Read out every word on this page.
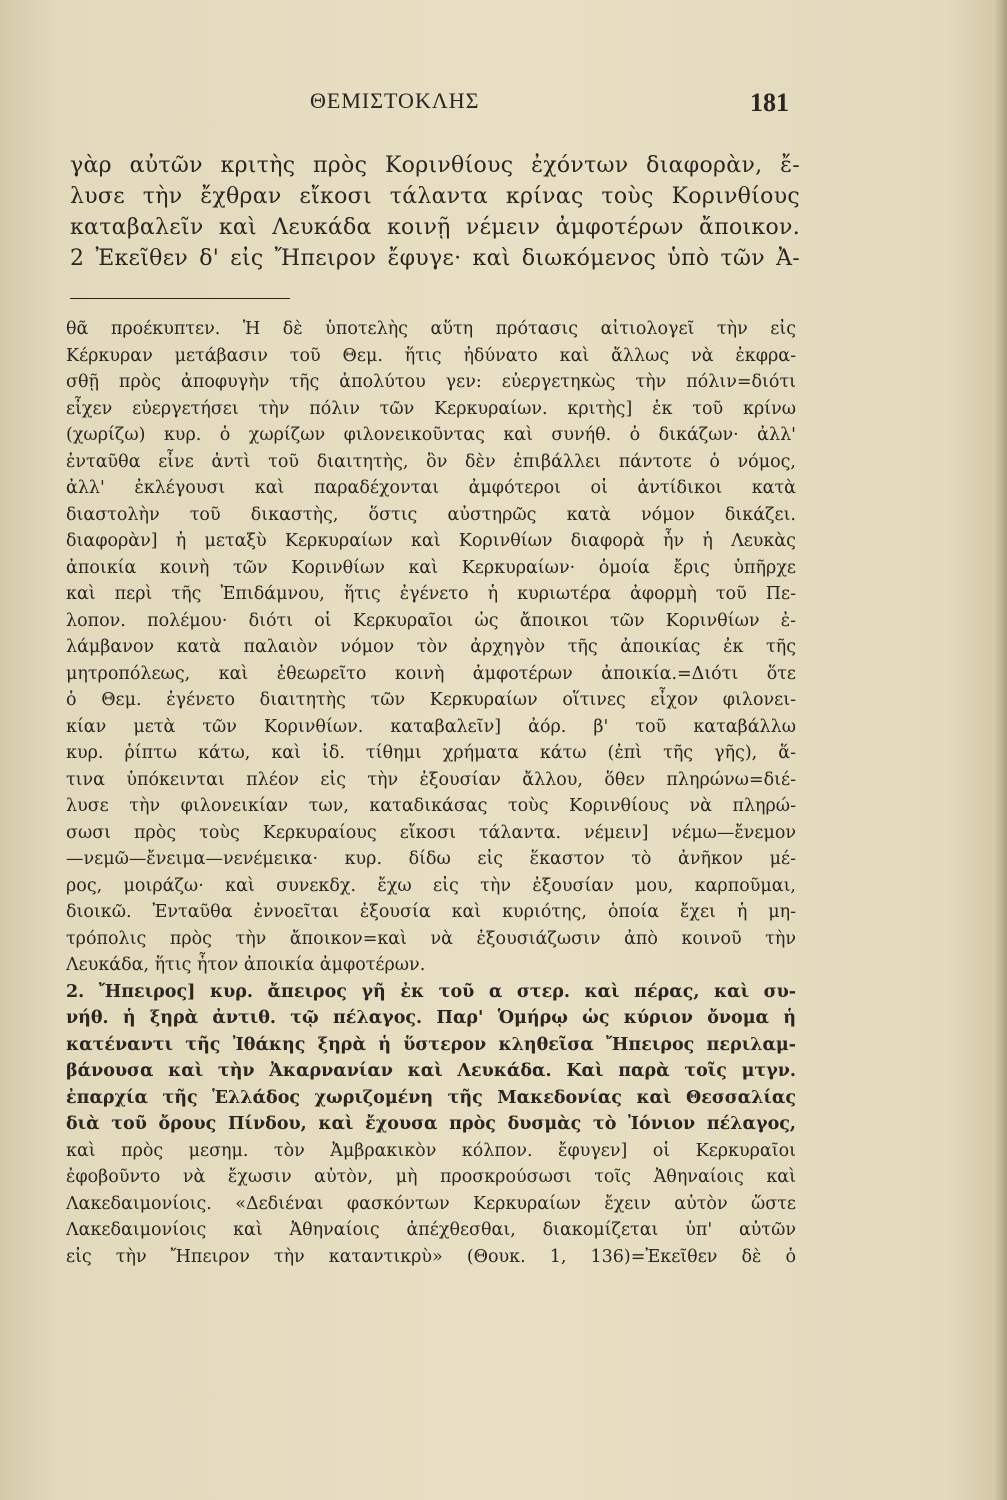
ΘΕΜΙΣΤΟΚΛΗΣ	181
γὰρ αὐτῶν κριτὴς πρὸς Κορινθίους ἐχόντων διαφορὰν, ἔ-
λυσε τὴν ἔχθραν εἴκοσι τάλαντα κρίνας τοὺς Κορινθίους
καταβαλεῖν καὶ Λευκάδα κοινῇ νέμειν ἀμφοτέρων ἄποικον.
2 Ἐκεῖθεν δ' εἰς Ἤπειρον ἔφυγε· καὶ διωκόμενος ὑπὸ τῶν Ἀ-
θᾶ προέκυπτεν. Ἡ δὲ ὑποτελὴς αὕτη πρότασις αἰτιολογεῖ τὴν εἰς
Κέρκυραν μετάβασιν τοῦ Θεμ. ἥτις ἠδύνατο καὶ ἄλλως νὰ ἐκφρα-
σθῇ πρὸς ἀποφυγὴν τῆς ἀπολύτου γεν: εὐεργετηκὼς τὴν πόλιν=διότι
εἶχεν εὐεργετήσει τὴν πόλιν τῶν Κερκυραίων. κριτὴς] ἐκ τοῦ κρίνω
(χωρίζω) κυρ. ὁ χωρίζων φιλονεικοῦντας καὶ συνήθ. ὁ δικάζων· ἀλλ'
ἐνταῦθα εἶνε ἀντὶ τοῦ διαιτητὴς, ὃν δὲν ἐπιβάλλει πάντοτε ὁ νόμος,
ἀλλ' ἐκλέγουσι καὶ παραδέχονται ἀμφότεροι οἱ ἀντίδικοι κατὰ
διαστολὴν τοῦ δικαστὴς, ὅστις αὐστηρῶς κατὰ νόμον δικάζει.
διαφορὰν] ἡ μεταξὺ Κερκυραίων καὶ Κορινθίων διαφορὰ ἦν ἡ Λευκὰς
ἀποικία κοινὴ τῶν Κορινθίων καὶ Κερκυραίων· ὁμοία ἔρις ὑπῆρχε
καὶ περὶ τῆς Ἐπιδάμνου, ἥτις ἐγένετο ἡ κυριωτέρα ἀφορμὴ τοῦ Πε-
λοπον. πολέμου· διότι οἱ Κερκυραῖοι ὡς ἄποικοι τῶν Κορινθίων ἐ-
λάμβανον κατὰ παλαιὸν νόμον τὸν ἀρχηγὸν τῆς ἀποικίας ἐκ τῆς
μητροπόλεως, καὶ ἐθεωρεῖτο κοινὴ ἀμφοτέρων ἀποικία.=Διότι ὅτε
ὁ Θεμ. ἐγένετο διαιτητὴς τῶν Κερκυραίων οἵτινες εἶχον φιλονει-
κίαν μετὰ τῶν Κορινθίων. καταβαλεῖν] ἀόρ. β' τοῦ καταβάλλω
κυρ. ῥίπτω κάτω, καὶ ἰδ. τίθημι χρήματα κάτω (ἐπὶ τῆς γῆς), ἅ-
τινα ὑπόκεινται πλέον εἰς τὴν ἐξουσίαν ἄλλου, ὅθεν πληρώνω=διέ-
λυσε τὴν φιλονεικίαν των, καταδικάσας τοὺς Κορινθίους νὰ πληρώ-
σωσι πρὸς τοὺς Κερκυραίους εἴκοσι τάλαντα. νέμειν] νέμω—ἔνεμον
—νεμῶ—ἔνειμα—νενέμεικα· κυρ. δίδω εἰς ἕκαστον τὸ ἀνῆκον μέ-
ρος, μοιράζω· καὶ συνεκδχ. ἔχω εἰς τὴν ἐξουσίαν μου, καρποῦμαι,
διοικῶ. Ἐνταῦθα ἐννοεῖται ἐξουσία καὶ κυριότης, ὁποία ἔχει ἡ μη-
τρόπολις πρὸς τὴν ἄποικον=καὶ νὰ ἐξουσιάζωσιν ἀπὸ κοινοῦ τὴν
Λευκάδα, ἥτις ἦτον ἀποικία ἀμφοτέρων.
2. Ἤπειρος] κυρ. ἄπειρος γῆ ἐκ τοῦ α στερ. καὶ πέρας, καὶ συ-
νήθ. ἡ ξηρὰ ἀντιθ. τῷ πέλαγος. Παρ' Ὁμήρῳ ὡς κύριον ὄνομα ἡ
κατέναντι τῆς Ἰθάκης ξηρὰ ἡ ὕστερον κληθεῖσα Ἤπειρος περιλαμ-
βάνουσα καὶ τὴν Ἀκαρνανίαν καὶ Λευκάδα. Καὶ παρὰ τοῖς μτγν.
ἐπαρχία τῆς Ἑλλάδος χωριζομένη τῆς Μακεδονίας καὶ Θεσσαλίας
διὰ τοῦ ὄρους Πίνδου, καὶ ἔχουσα πρὸς δυσμὰς τὸ Ἰόνιον πέλαγος,
καὶ πρὸς μεσημ. τὸν Ἀμβρακικὸν κόλπον. ἔφυγεν] οἱ Κερκυραῖοι
ἐφοβοῦντο νὰ ἔχωσιν αὐτὸν, μὴ προσκρούσωσι τοῖς Ἀθηναίοις καὶ
Λακεδαιμονίοις. «Δεδιέναι φασκόντων Κερκυραίων ἔχειν αὐτὸν ὥστε
Λακεδαιμονίοις καὶ Ἀθηναίοις ἀπέχθεσθαι, διακομίζεται ὑπ' αὐτῶν
εἰς τὴν Ἤπειρον τὴν καταντικρὺ» (Θουκ. 1, 136)=Ἐκεῖθεν δὲ ὁ
